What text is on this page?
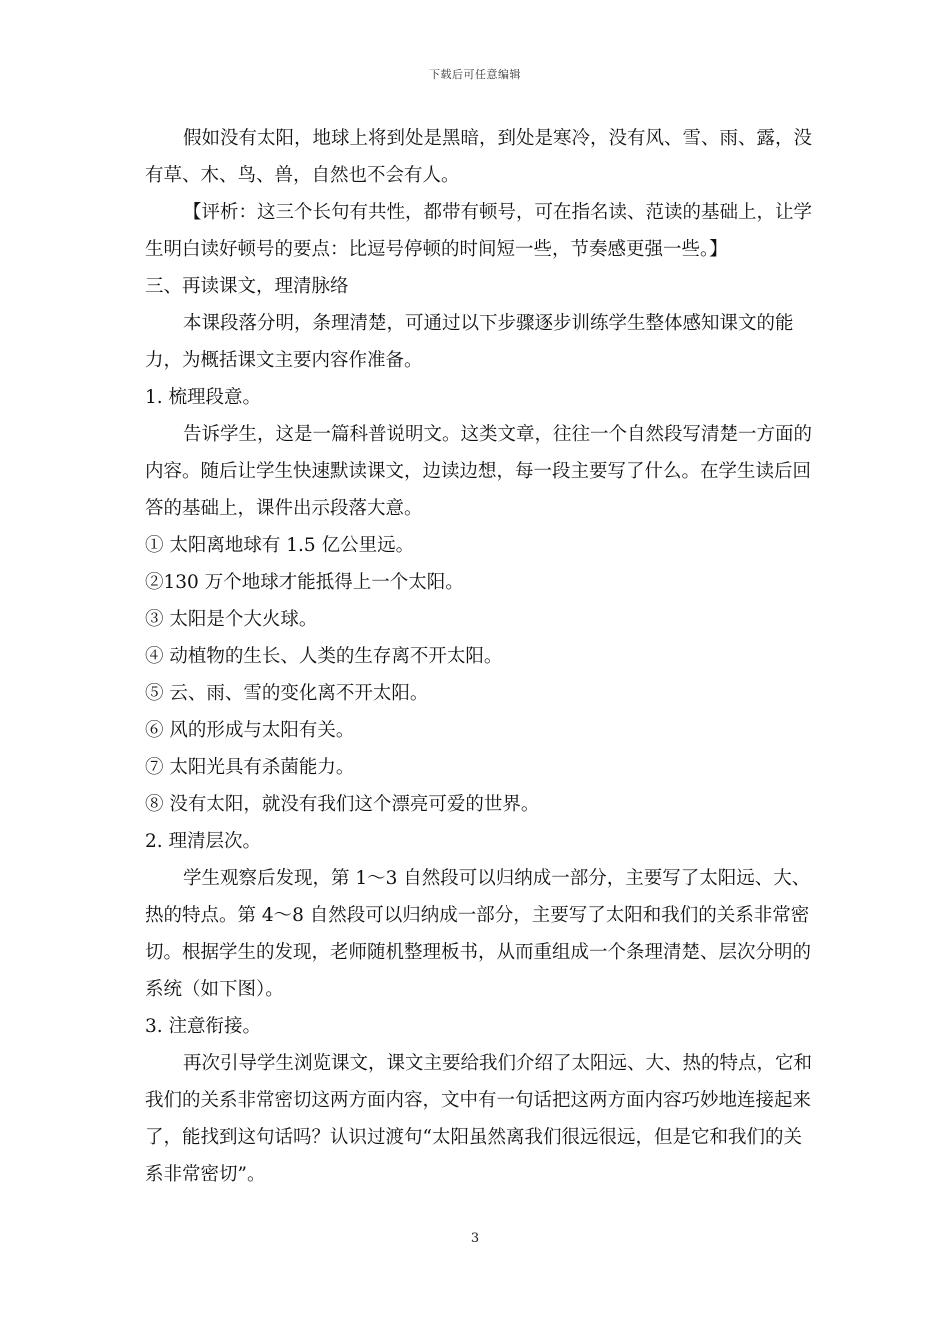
下载后可任意编辑

假如没有太阳，地球上将到处是黑暗，到处是寒冷，没有风、雪、雨、露，没有草、木、鸟、兽，自然也不会有人。

【评析：这三个长句有共性，都带有顿号，可在指名读、范读的基础上，让学生明白读好顿号的要点：比逗号停顿的时间短一些，节奏感更强一些。】

三、再读课文，理清脉络

本课段落分明，条理清楚，可通过以下步骤逐步训练学生整体感知课文的能力，为概括课文主要内容作准备。

1. 梳理段意。

告诉学生，这是一篇科普说明文。这类文章，往往一个自然段写清楚一方面的内容。随后让学生快速默读课文，边读边想，每一段主要写了什么。在学生读后回答的基础上，课件出示段落大意。

① 太阳离地球有 1.5 亿公里远。

②130 万个地球才能抵得上一个太阳。

③ 太阳是个大火球。

④ 动植物的生长、人类的生存离不开太阳。

⑤ 云、雨、雪的变化离不开太阳。

⑥ 风的形成与太阳有关。

⑦ 太阳光具有杀菌能力。

⑧ 没有太阳，就没有我们这个漂亮可爱的世界。

2. 理清层次。

学生观察后发现，第 1～3 自然段可以归纳成一部分，主要写了太阳远、大、热的特点。第 4～8 自然段可以归纳成一部分，主要写了太阳和我们的关系非常密切。根据学生的发现，老师随机整理板书，从而重组成一个条理清楚、层次分明的系统（如下图）。

3. 注意衔接。

再次引导学生浏览课文，课文主要给我们介绍了太阳远、大、热的特点，它和我们的关系非常密切这两方面内容，文中有一句话把这两方面内容巧妙地连接起来了，能找到这句话吗？认识过渡句“太阳虽然离我们很远很远，但是它和我们的关系非常密切”。

3
